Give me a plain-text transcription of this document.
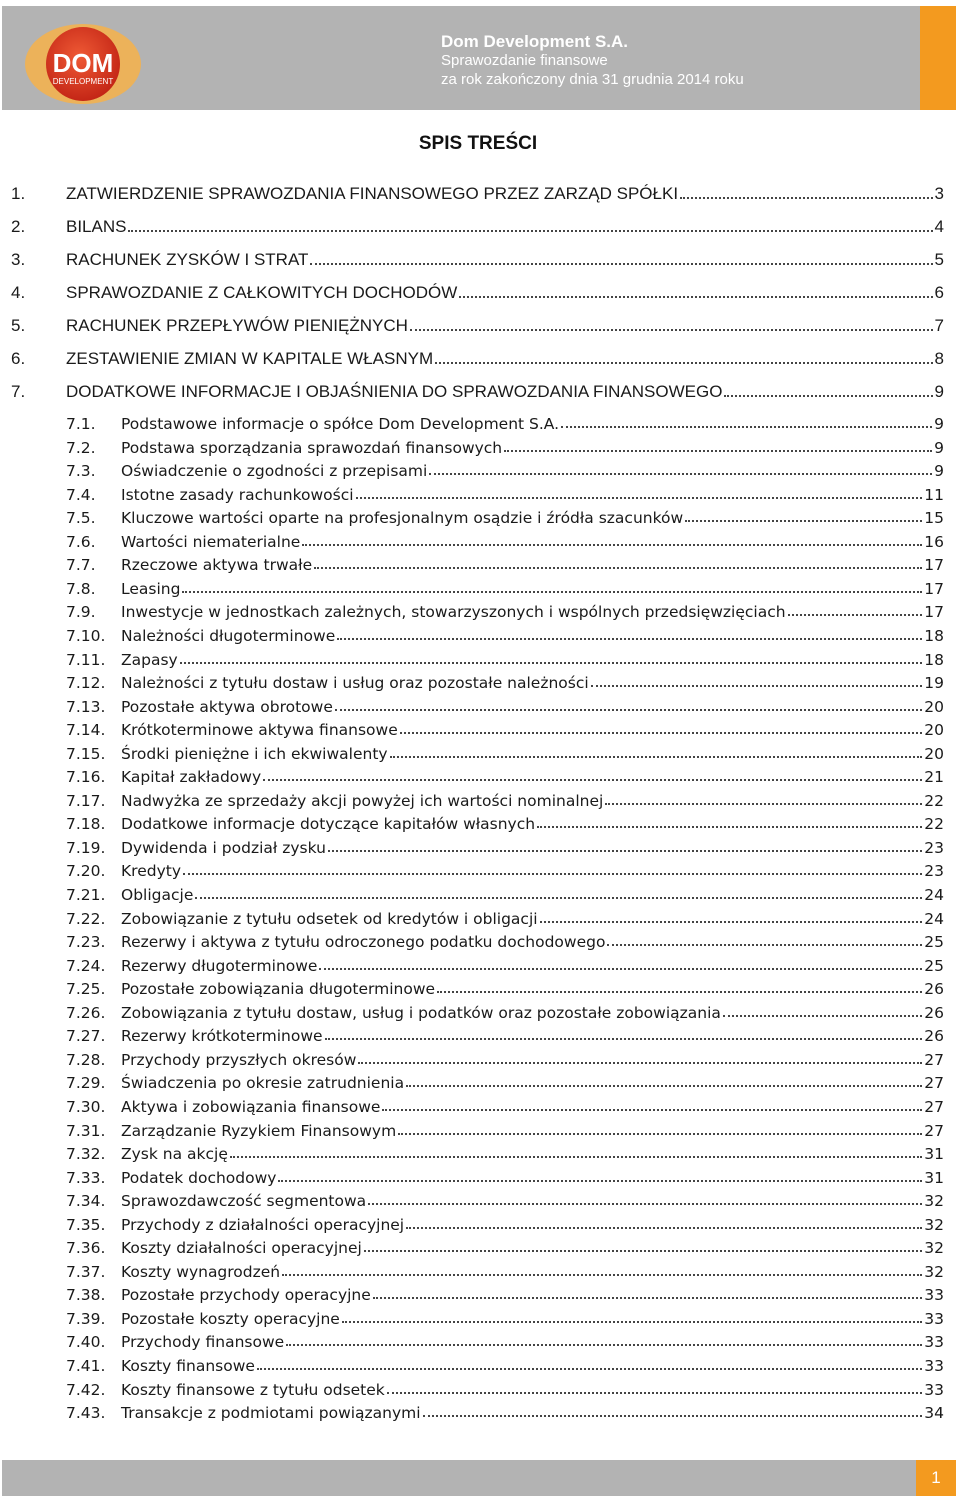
DOM
DEVELOPMENT
Dom Development S.A.
Sprawozdanie finansowe
za rok zakończony dnia 31 grudnia 2014 roku
SPIS TREŚCI
1.	ZATWIERDZENIE SPRAWOZDANIA FINANSOWEGO PRZEZ ZARZĄD SPÓŁKI	3
2.	BILANS	4
3.	RACHUNEK ZYSKÓW I STRAT	5
4.	SPRAWOZDANIE Z CAŁKOWITYCH DOCHODÓW	6
5.	RACHUNEK PRZEPŁYWÓW PIENIĘŻNYCH	7
6.	ZESTAWIENIE ZMIAN W KAPITALE WŁASNYM	8
7.	DODATKOWE INFORMACJE I OBJAŚNIENIA DO SPRAWOZDANIA FINANSOWEGO	9
7.1.	Podstawowe informacje o spółce Dom Development S.A.	9
7.2.	Podstawa sporządzania sprawozdań finansowych	9
7.3.	Oświadczenie o zgodności z przepisami	9
7.4.	Istotne zasady rachunkowości	11
7.5.	Kluczowe wartości oparte na profesjonalnym osądzie i źródła szacunków	15
7.6.	Wartości niematerialne	16
7.7.	Rzeczowe aktywa trwałe	17
7.8.	Leasing	17
7.9.	Inwestycje w jednostkach zależnych, stowarzyszonych i wspólnych przedsięwzięciach	17
7.10.	Należności długoterminowe	18
7.11.	Zapasy	18
7.12.	Należności z tytułu dostaw i usług oraz pozostałe należności	19
7.13.	Pozostałe aktywa obrotowe	20
7.14.	Krótkoterminowe aktywa finansowe	20
7.15.	Środki pieniężne i ich ekwiwalenty	20
7.16.	Kapitał zakładowy	21
7.17.	Nadwyżka ze sprzedaży akcji powyżej ich wartości nominalnej	22
7.18.	Dodatkowe informacje dotyczące kapitałów własnych	22
7.19.	Dywidenda i podział zysku	23
7.20.	Kredyty	23
7.21.	Obligacje	24
7.22.	Zobowiązanie z tytułu odsetek od kredytów i obligacji	24
7.23.	Rezerwy i aktywa z tytułu odroczonego podatku dochodowego	25
7.24.	Rezerwy długoterminowe	25
7.25.	Pozostałe zobowiązania długoterminowe	26
7.26.	Zobowiązania z tytułu dostaw, usług i podatków oraz pozostałe zobowiązania	26
7.27.	Rezerwy krótkoterminowe	26
7.28.	Przychody przyszłych okresów	27
7.29.	Świadczenia po okresie zatrudnienia	27
7.30.	Aktywa i zobowiązania finansowe	27
7.31.	Zarządzanie Ryzykiem Finansowym	27
7.32.	Zysk na akcję	31
7.33.	Podatek dochodowy	31
7.34.	Sprawozdawczość segmentowa	32
7.35.	Przychody z działalności operacyjnej	32
7.36.	Koszty działalności operacyjnej	32
7.37.	Koszty wynagrodzeń	32
7.38.	Pozostałe przychody operacyjne	33
7.39.	Pozostałe koszty operacyjne	33
7.40.	Przychody finansowe	33
7.41.	Koszty finansowe	33
7.42.	Koszty finansowe z tytułu odsetek	33
7.43.	Transakcje z podmiotami powiązanymi	34
1
